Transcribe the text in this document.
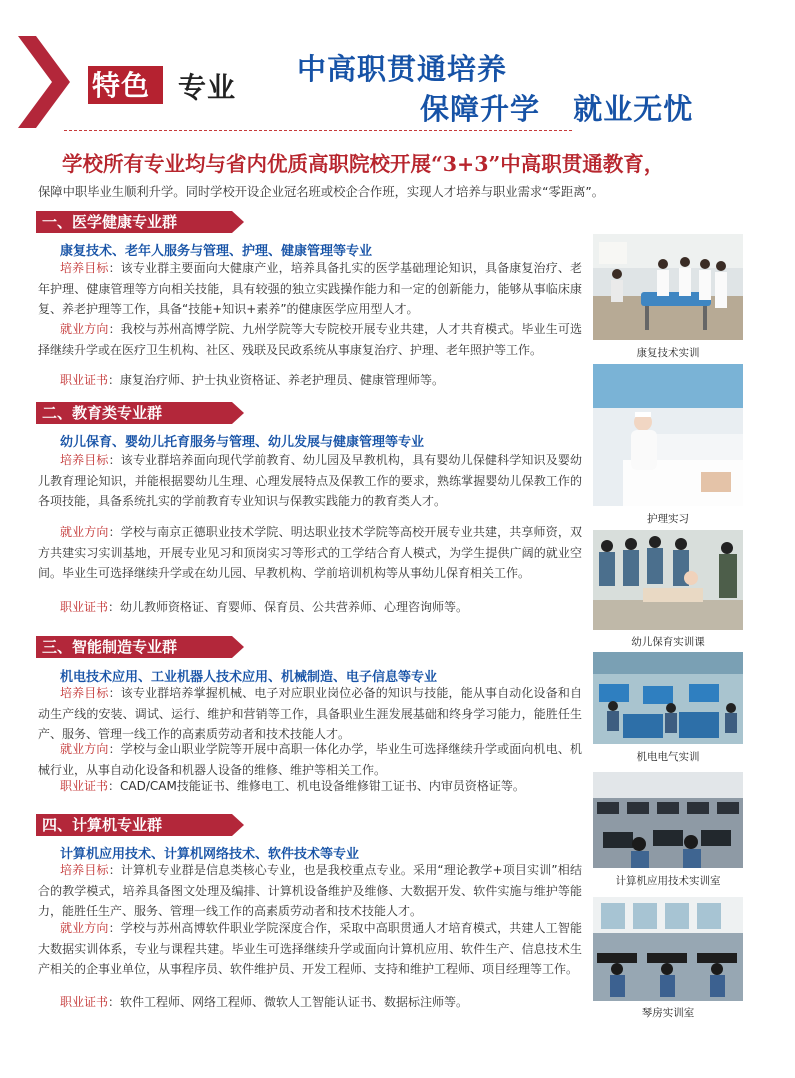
特色 专业
中高职贯通培养
保障升学   就业无忧
学校所有专业均与省内优质高职院校开展“3+3”中高职贯通教育，
保障中职毕业生顺利升学。同时学校开设企业冠名班或校企合作班，实现人才培养与职业需求“零距离”。
一、医学健康专业群
康复技术、老年人服务与管理、护理、健康管理等专业
培养目标：该专业群主要面向大健康产业，培养具备扎实的医学基础理论知识，具备康复治疗、老年护理、健康管理等方向相关技能，具有较强的独立实践操作能力和一定的创新能力，能够从事临床康复、养老护理等工作，具备“技能+知识+素养”的健康医学应用型人才。
就业方向：我校与苏州高博学院、九州学院等大专院校开展专业共建，人才共育模式。毕业生可选择继续升学或在医疗卫生机构、社区、残联及民政系统从事康复治疗、护理、老年照护等工作。
职业证书：康复治疗师、护士执业资格证、养老护理员、健康管理师等。
二、教育类专业群
幼儿保育、婴幼儿托育服务与管理、幼儿发展与健康管理等专业
培养目标：该专业群培养面向现代学前教育、幼儿园及早教机构，具有婴幼儿保健科学知识及婴幼儿教育理论知识，并能根据婴幼儿生理、心理发展特点及保教工作的要求，熟练掌握婴幼儿保教工作的各项技能，具备系统扎实的学前教育专业知识与保教实践能力的教育类人才。
就业方向：学校与南京正德职业技术学院、明达职业技术学院等高校开展专业共建，共享师资，双方共建实习实训基地，开展专业见习和顶岗实习等形式的工学结合育人模式，为学生提供广阔的就业空间。毕业生可选择继续升学或在幼儿园、早教机构、学前培训机构等从事幼儿保育相关工作。
职业证书：幼儿教师资格证、育婴师、保育员、公共营养师、心理咨询师等。
三、智能制造专业群
机电技术应用、工业机器人技术应用、机械制造、电子信息等专业
培养目标：该专业群培养掌握机械、电子对应职业岗位必备的知识与技能，能从事自动化设备和自动生产线的安装、调试、运行、维护和营销等工作，具备职业生涯发展基础和终身学习能力，能胜任生产、服务、管理一线工作的高素质劳动者和技术技能人才。
就业方向：学校与金山职业学院等开展中高职一体化办学，毕业生可选择继续升学或面向机电、机械行业，从事自动化设备和机器人设备的维修、维护等相关工作。
职业证书：CAD/CAM技能证书、维修电工、机电设备维修钳工证书、内审员资格证等。
四、计算机专业群
计算机应用技术、计算机网络技术、软件技术等专业
培养目标：计算机专业群是信息类核心专业，也是我校重点专业。采用“理论教学+项目实训”相结合的教学模式，培养具备图文处理及编排、计算机设备维护及维修、大数据开发、软件实施与维护等能力，能胜任生产、服务、管理一线工作的高素质劳动者和技术技能人才。
就业方向：学校与苏州高博软件职业学院深度合作，采取中高职贯通人才培育模式，共建人工智能大数据实训体系，专业与课程共建。毕业生可选择继续升学或面向计算机应用、软件生产、信息技术生产相关的企事业单位，从事程序员、软件维护员、开发工程师、支持和维护工程师、项目经理等工作。
职业证书：软件工程师、网络工程师、微软人工智能认证书、数据标注师等。
康复技术实训
护理实习
幼儿保育实训课
机电电气实训
计算机应用技术实训室
琴房实训室
